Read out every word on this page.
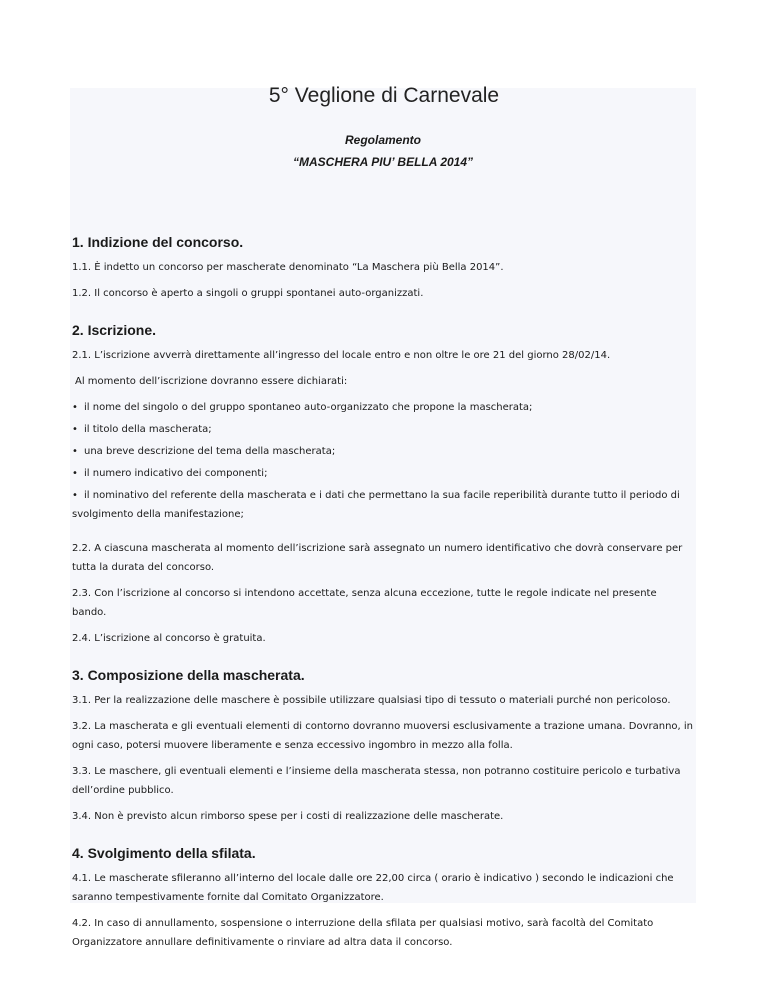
5° Veglione di Carnevale
Regolamento
“MASCHERA PIU’ BELLA 2014”
1. Indizione del concorso.
1.1. È indetto un concorso per mascherate denominato “La Maschera più Bella 2014”.
1.2. Il concorso è aperto a singoli o gruppi spontanei auto-organizzati.
2. Iscrizione.
2.1. L’iscrizione avverrà direttamente all’ingresso del locale entro e non oltre le ore 21 del giorno 28/02/14.
Al momento dell’iscrizione dovranno essere dichiarati:
• il nome del singolo o del gruppo spontaneo auto-organizzato che propone la mascherata;
• il titolo della mascherata;
• una breve descrizione del tema della mascherata;
• il numero indicativo dei componenti;
• il nominativo del referente della mascherata e i dati che permettano la sua facile reperibilità durante tutto il periodo di svolgimento della manifestazione;
2.2. A ciascuna mascherata al momento dell’iscrizione sarà assegnato un numero identificativo che dovrà conservare per tutta la durata del concorso.
2.3. Con l’iscrizione al concorso si intendono accettate, senza alcuna eccezione, tutte le regole indicate nel presente bando.
2.4. L’iscrizione al concorso è gratuita.
3. Composizione della mascherata.
3.1. Per la realizzazione delle maschere è possibile utilizzare qualsiasi tipo di tessuto o materiali purché non pericoloso.
3.2. La mascherata e gli eventuali elementi di contorno dovranno muoversi esclusivamente a trazione umana. Dovranno, in ogni caso, potersi muovere liberamente e senza eccessivo ingombro in mezzo alla folla.
3.3. Le maschere, gli eventuali elementi e l’insieme della mascherata stessa, non potranno costituire pericolo e turbativa dell’ordine pubblico.
3.4. Non è previsto alcun rimborso spese per i costi di realizzazione delle mascherate.
4. Svolgimento della sfilata.
4.1. Le mascherate sfileranno all’interno del locale dalle ore 22,00 circa ( orario è indicativo ) secondo le indicazioni che saranno tempestivamente fornite dal Comitato Organizzatore.
4.2. In caso di annullamento, sospensione o interruzione della sfilata per qualsiasi motivo, sarà facoltà del Comitato Organizzatore annullare definitivamente o rinviare ad altra data il concorso.
